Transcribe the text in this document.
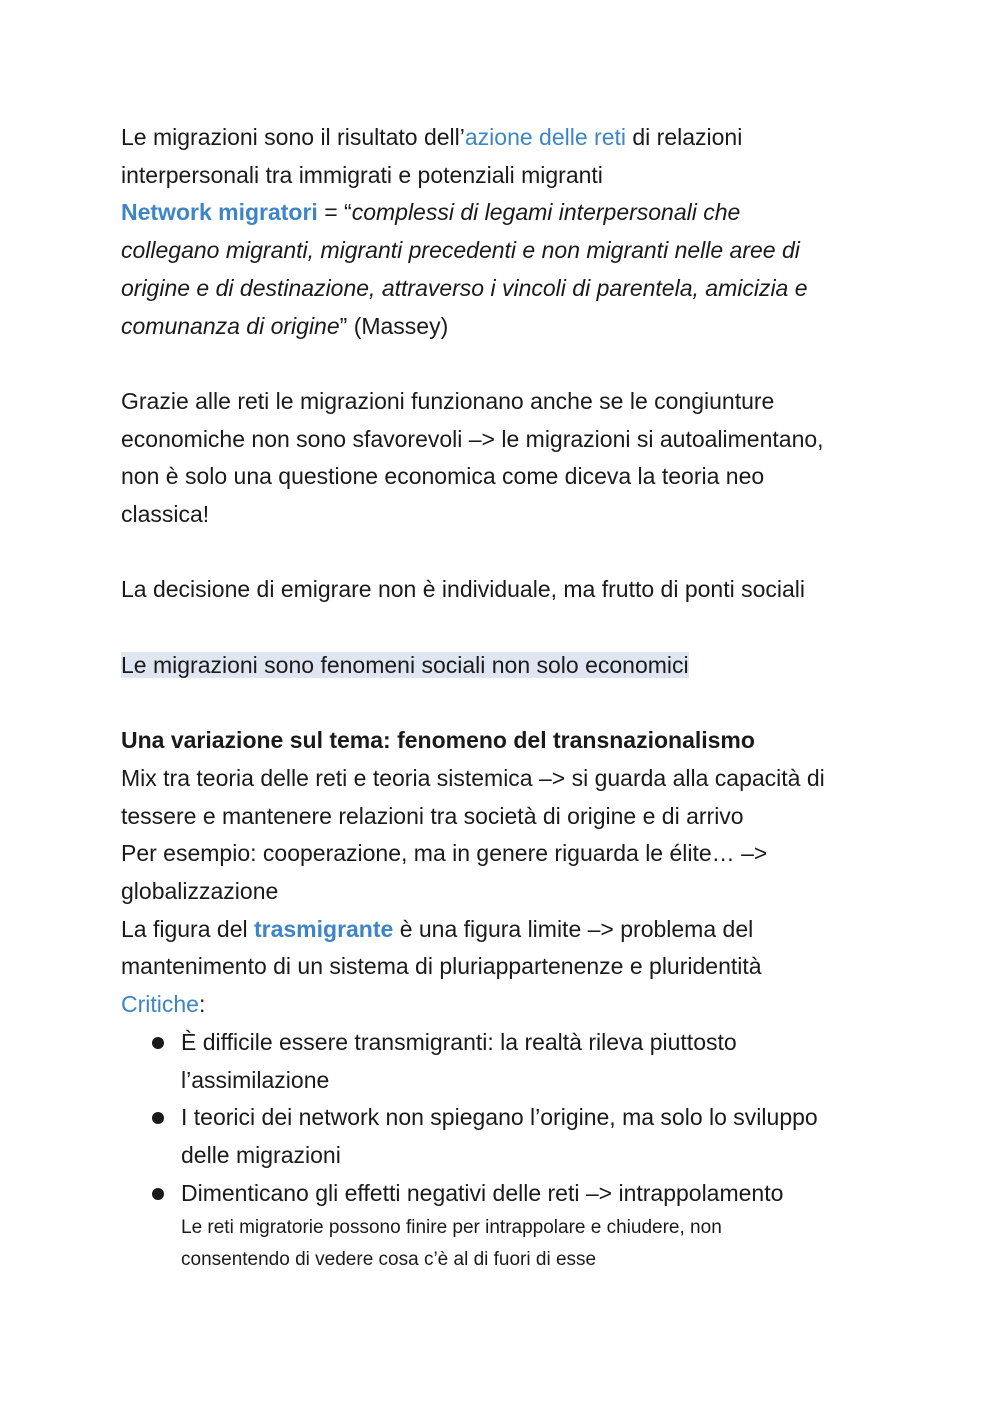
Le migrazioni sono il risultato dell’azione delle reti di relazioni
interpersonali tra immigrati e potenziali migranti
Network migratori = “complessi di legami interpersonali che
collegano migranti, migranti precedenti e non migranti nelle aree di
origine e di destinazione, attraverso i vincoli di parentela, amicizia e
comunanza di origine” (Massey)
Grazie alle reti le migrazioni funzionano anche se le congiunture
economiche non sono sfavorevoli –> le migrazioni si autoalimentano,
non è solo una questione economica come diceva la teoria neo
classica!
La decisione di emigrare non è individuale, ma frutto di ponti sociali
Le migrazioni sono fenomeni sociali non solo economici
Una variazione sul tema: fenomeno del transnazionalismo
Mix tra teoria delle reti e teoria sistemica –> si guarda alla capacità di
tessere e mantenere relazioni tra società di origine e di arrivo
Per esempio: cooperazione, ma in genere riguarda le élite… –>
globalizzazione
La figura del trasmigrante è una figura limite –> problema del
mantenimento di un sistema di pluriappartenenze e pluridentità
Critiche:
È difficile essere transmigranti: la realtà rileva piuttosto
l’assimilazione
I teorici dei network non spiegano l’origine, ma solo lo sviluppo
delle migrazioni
Dimenticano gli effetti negativi delle reti –> intrappolamento
Le reti migratorie possono finire per intrappolare e chiudere, non
consentendo di vedere cosa c’è al di fuori di esse
